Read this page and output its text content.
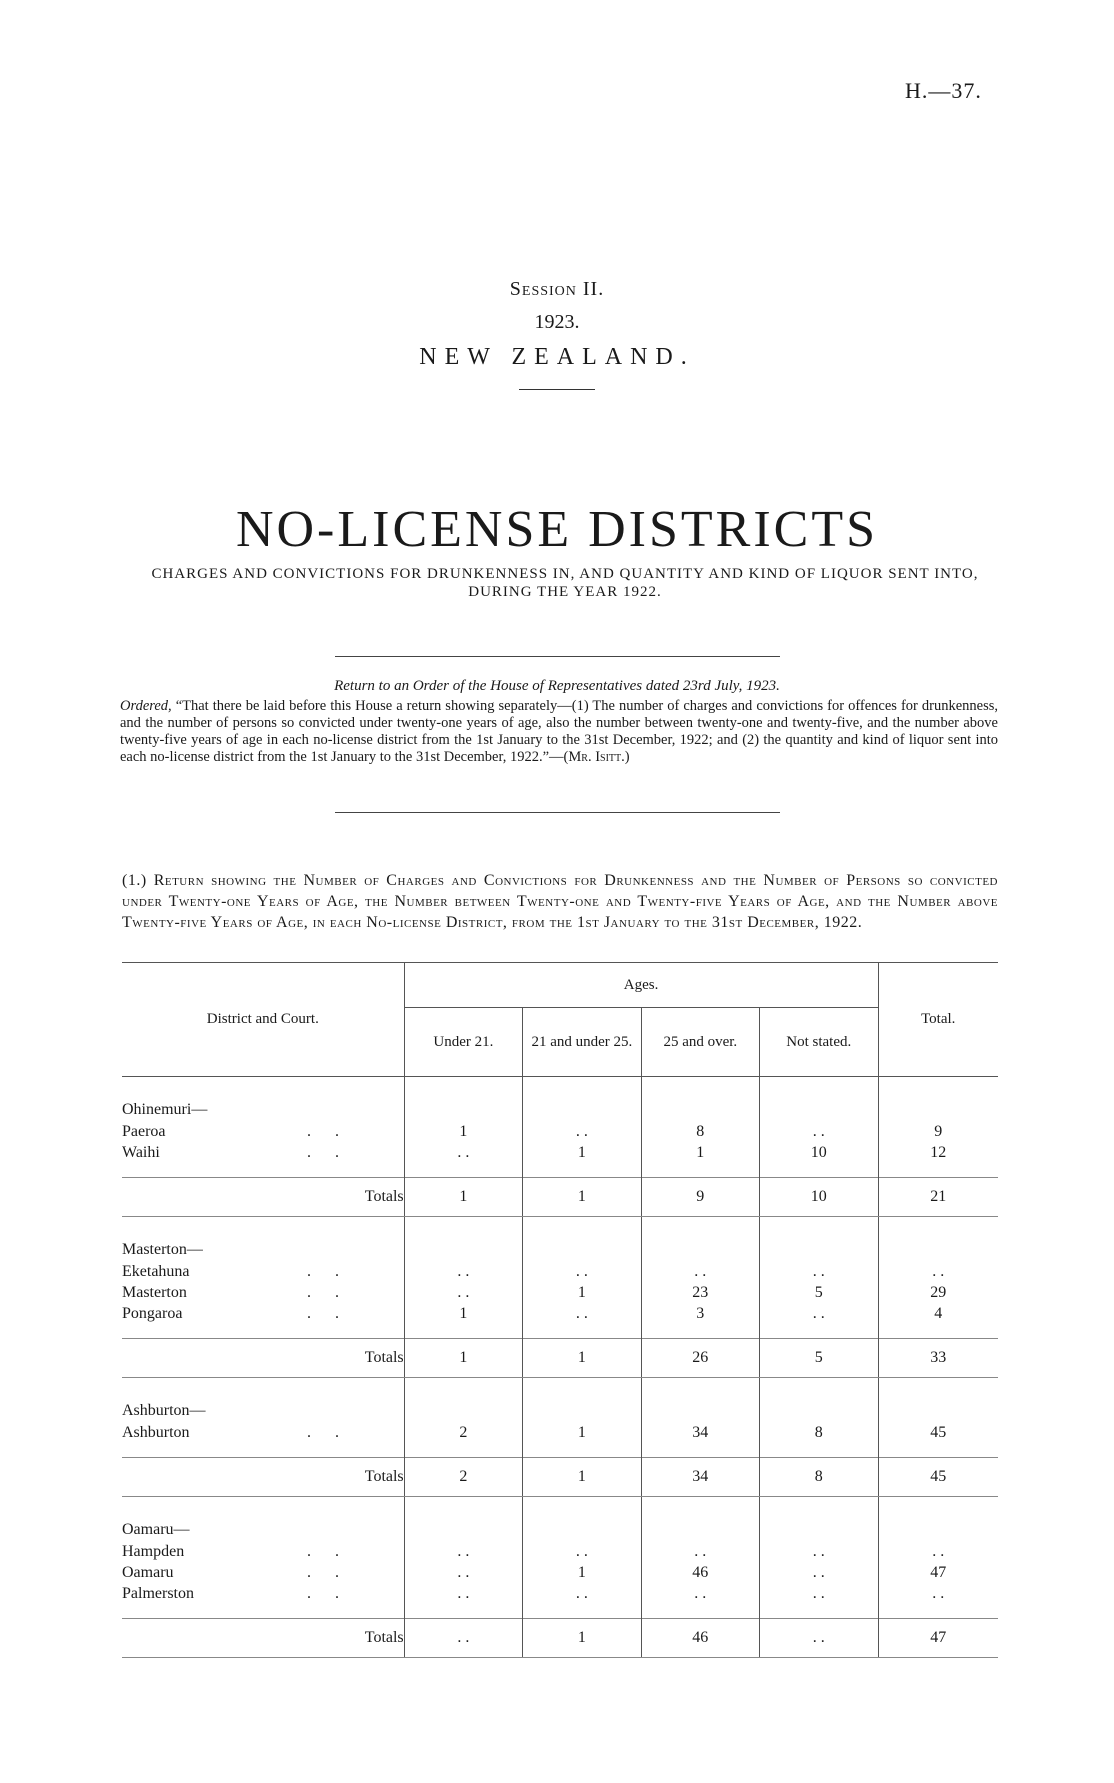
H.—37.
Session II.
1923.
NEW ZEALAND.
NO-LICENSE DISTRICTS
CHARGES AND CONVICTIONS FOR DRUNKENNESS IN, AND QUANTITY AND KIND OF LIQUOR SENT INTO, DURING THE YEAR 1922.
Return to an Order of the House of Representatives dated 23rd July, 1923.
Ordered, “That there be laid before this House a return showing separately—(1) The number of charges and convictions for offences for drunkenness, and the number of persons so convicted under twenty-one years of age, also the number between twenty-one and twenty-five, and the number above twenty-five years of age in each no-license district from the 1st January to the 31st December, 1922; and (2) the quantity and kind of liquor sent into each no-license district from the 1st January to the 31st December, 1922.”—(Mr. Isitt.)
(1.) Return showing the Number of Charges and Convictions for Drunkenness and the Number of Persons so convicted under Twenty-one Years of Age, the Number between Twenty-one and Twenty-five Years of Age, and the Number above Twenty-five Years of Age, in each No-license District, from the 1st January to the 31st December, 1922.
District and Court.	Ages.				Total.
	Under 21.	21 and under 25.	25 and over.	Not stated.	

Ohinemuri—					
Paeroa . .	1	. .	8	. .	9
Waihi . .	. .	1	1	10	12

Totals	1	1	9	10	21

Masterton—					
Eketahuna . .	. .	. .	. .	. .	. .
Masterton . .	. .	1	23	5	29
Pongaroa . .	1	. .	3	. .	4

Totals	1	1	26	5	33

Ashburton—					
Ashburton . .	2	1	34	8	45

Totals	2	1	34	8	45

Oamaru—					
Hampden . .	. .	. .	. .	. .	. .
Oamaru . .	. .	1	46	. .	47
Palmerston . .	. .	. .	. .	. .	. .

Totals	. .	1	46	. .	47
